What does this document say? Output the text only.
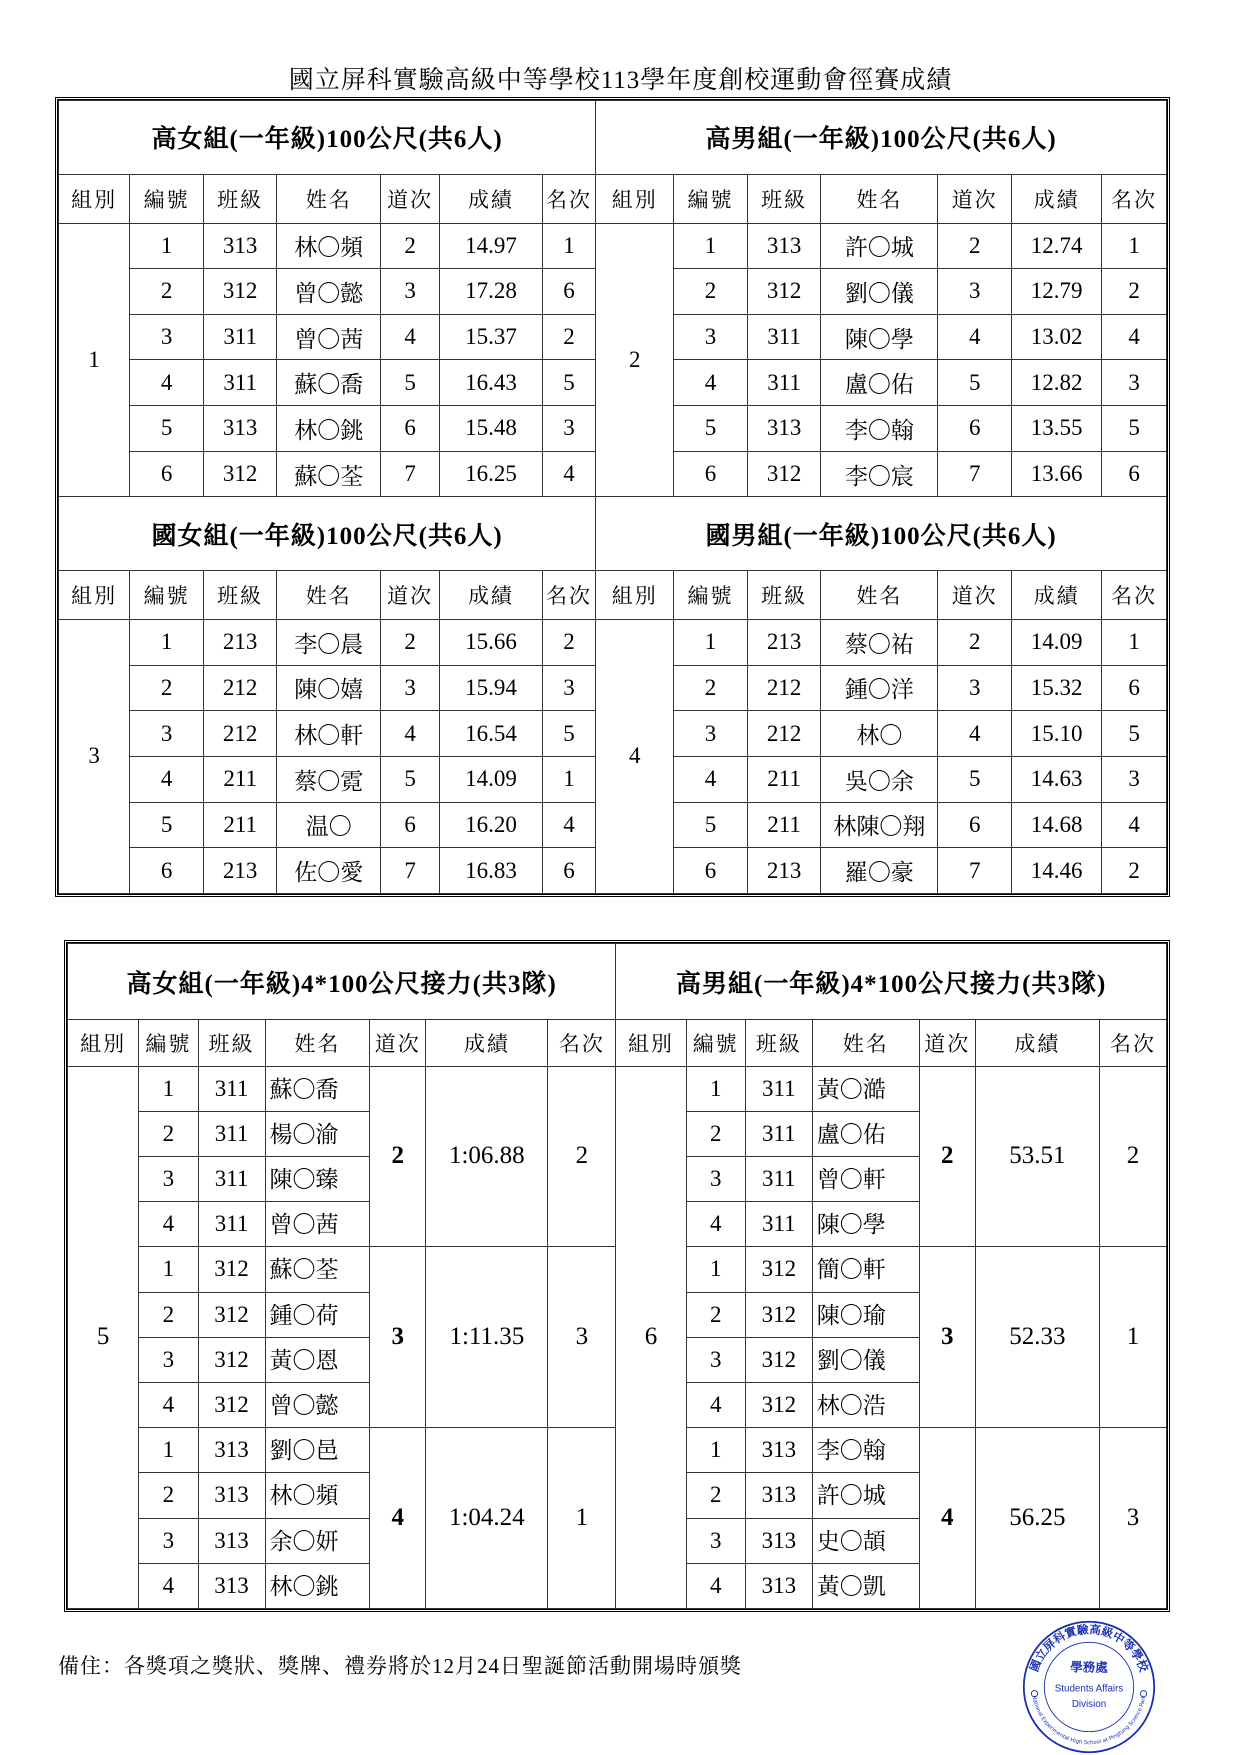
國立屏科實驗高級中等學校113學年度創校運動會徑賽成績
高女組(一年級)100公尺(共6人)							高男組(一年級)100公尺(共6人)						
組別	編號	班級	姓名	道次	成績	名次	組別	編號	班級	姓名	道次	成績	名次
1	1	313	林〇頻	2	14.97	1	2	1	313	許〇城	2	12.74	1
	2	312	曾〇懿	3	17.28	6		2	312	劉〇儀	3	12.79	2
	3	311	曾〇茜	4	15.37	2		3	311	陳〇學	4	13.02	4
	4	311	蘇〇喬	5	16.43	5		4	311	盧〇佑	5	12.82	3
	5	313	林〇銚	6	15.48	3		5	313	李〇翰	6	13.55	5
	6	312	蘇〇荃	7	16.25	4		6	312	李〇宸	7	13.66	6
國女組(一年級)100公尺(共6人)							國男組(一年級)100公尺(共6人)						
組別	編號	班級	姓名	道次	成績	名次	組別	編號	班級	姓名	道次	成績	名次
3	1	213	李〇晨	2	15.66	2	4	1	213	蔡〇祐	2	14.09	1
	2	212	陳〇嬉	3	15.94	3		2	212	鍾〇洋	3	15.32	6
	3	212	林〇軒	4	16.54	5		3	212	林〇	4	15.10	5
	4	211	蔡〇霓	5	14.09	1		4	211	吳〇余	5	14.63	3
	5	211	温〇	6	16.20	4		5	211	林陳〇翔	6	14.68	4
	6	213	佐〇愛	7	16.83	6		6	213	羅〇豪	7	14.46	2
高女組(一年級)4*100公尺接力(共3隊)							高男組(一年級)4*100公尺接力(共3隊)						
組別	編號	班級	姓名	道次	成績	名次	組別	編號	班級	姓名	道次	成績	名次
5	1	311	蘇〇喬	2	1:06.88	2	6	1	311	黃〇澔	2	53.51	2
	2	311	楊〇渝					2	311	盧〇佑			
	3	311	陳〇臻					3	311	曾〇軒			
	4	311	曾〇茜					4	311	陳〇學			
	1	312	蘇〇荃	3	1:11.35	3		1	312	簡〇軒	3	52.33	1
	2	312	鍾〇荷					2	312	陳〇瑜			
	3	312	黃〇恩					3	312	劉〇儀			
	4	312	曾〇懿					4	312	林〇浩			
	1	313	劉〇邑	4	1:04.24	1		1	313	李〇翰	4	56.25	3
	2	313	林〇頻					2	313	許〇城			
	3	313	余〇妍					3	313	史〇頡			
	4	313	林〇銚					4	313	黃〇凱			
備住：各獎項之獎狀、獎牌、禮券將於12月24日聖誕節活動開場時頒獎	國立屏科實驗高級中等學校
National Experimental High School at Pingtung Science Park
學務處
Students Affairs
Division
